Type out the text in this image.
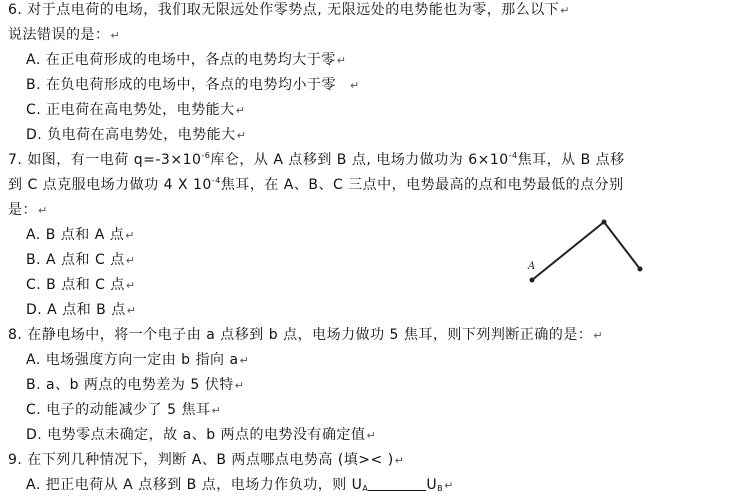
6. 对于点电荷的电场，我们取无限远处作零势点, 无限远处的电势能也为零，那么以下↵
说法错误的是：↵
A. 在正电荷形成的电场中，各点的电势均大于零↵
B. 在负电荷形成的电场中，各点的电势均小于零 ↵
C. 正电荷在高电势处，电势能大↵
D. 负电荷在高电势处，电势能大↵
7. 如图，有一电荷 $q=-3\times 10^{-6}$库仑，从 A 点移到 B 点, 电场力做功为 $6\times 10^{-4}$焦耳，从 B 点移
到 C 点克服电场力做功 4 X $10^{-4}$焦耳，在 A、B、C 三点中，电势最高的点和电势最低的点分别
是：↵
A. B 点和 A 点↵
B. A 点和 C 点↵
C. B 点和 C 点↵
D. A 点和 B 点↵
A
8. 在静电场中，将一个电子由 a 点移到 b 点，电场力做功 5 焦耳，则下列判断正确的是：↵
A. 电场强度方向一定由 b 指向 a↵
B. a、b 两点的电势差为 5 伏特↵
C. 电子的动能减少了 5 焦耳↵
D. 电势零点未确定，故 a、b 两点的电势没有确定值↵
9. 在下列几种情况下，判断 A、B 两点哪点电势高 (填>< )↵
A. 把正电荷从 A 点移到 B 点，电场力作负功，则 $U_A$	$U_B↵$
